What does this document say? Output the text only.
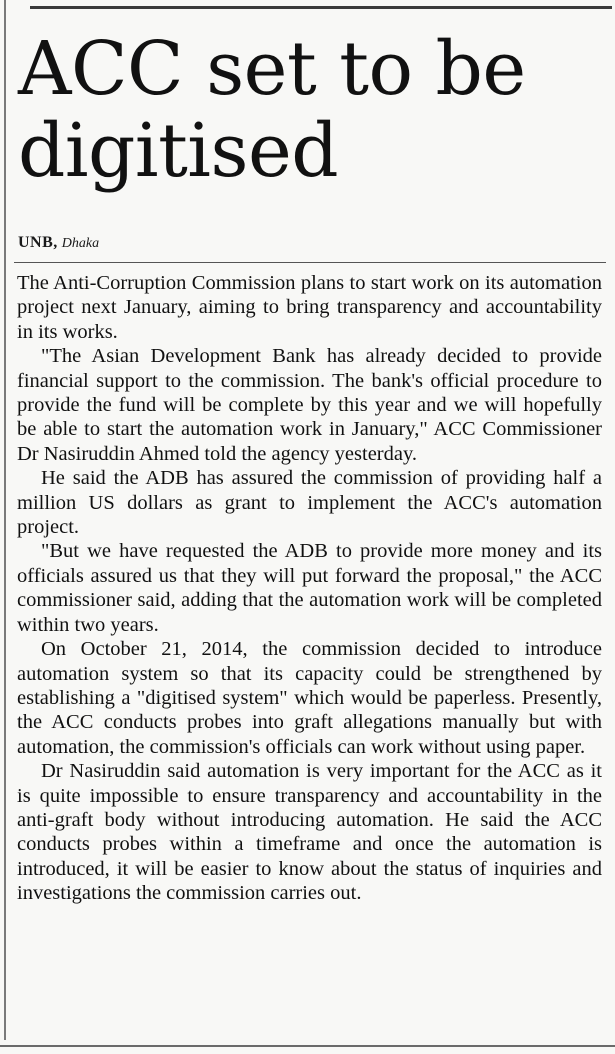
ACC set to be digitised
UNB, Dhaka

The Anti-Corruption Commission plans to start work on its automation project next January, aiming to bring transparency and accountability in its works.

"The Asian Development Bank has already decided to provide financial support to the commission. The bank's official procedure to provide the fund will be complete by this year and we will hopefully be able to start the automation work in January," ACC Commissioner Dr Nasiruddin Ahmed told the agency yesterday.

He said the ADB has assured the commission of providing half a million US dollars as grant to implement the ACC's automation project.

"But we have requested the ADB to provide more money and its officials assured us that they will put forward the proposal," the ACC commissioner said, adding that the automation work will be completed within two years.

On October 21, 2014, the commission decided to introduce automation system so that its capacity could be strengthened by establishing a "digitised system" which would be paperless. Presently, the ACC conducts probes into graft allegations manually but with automation, the commission's officials can work without using paper.

Dr Nasiruddin said automation is very important for the ACC as it is quite impossible to ensure transparency and accountability in the anti-graft body without introducing automation. He said the ACC conducts probes within a timeframe and once the automation is introduced, it will be easier to know about the status of inquiries and investigations the commission carries out.
